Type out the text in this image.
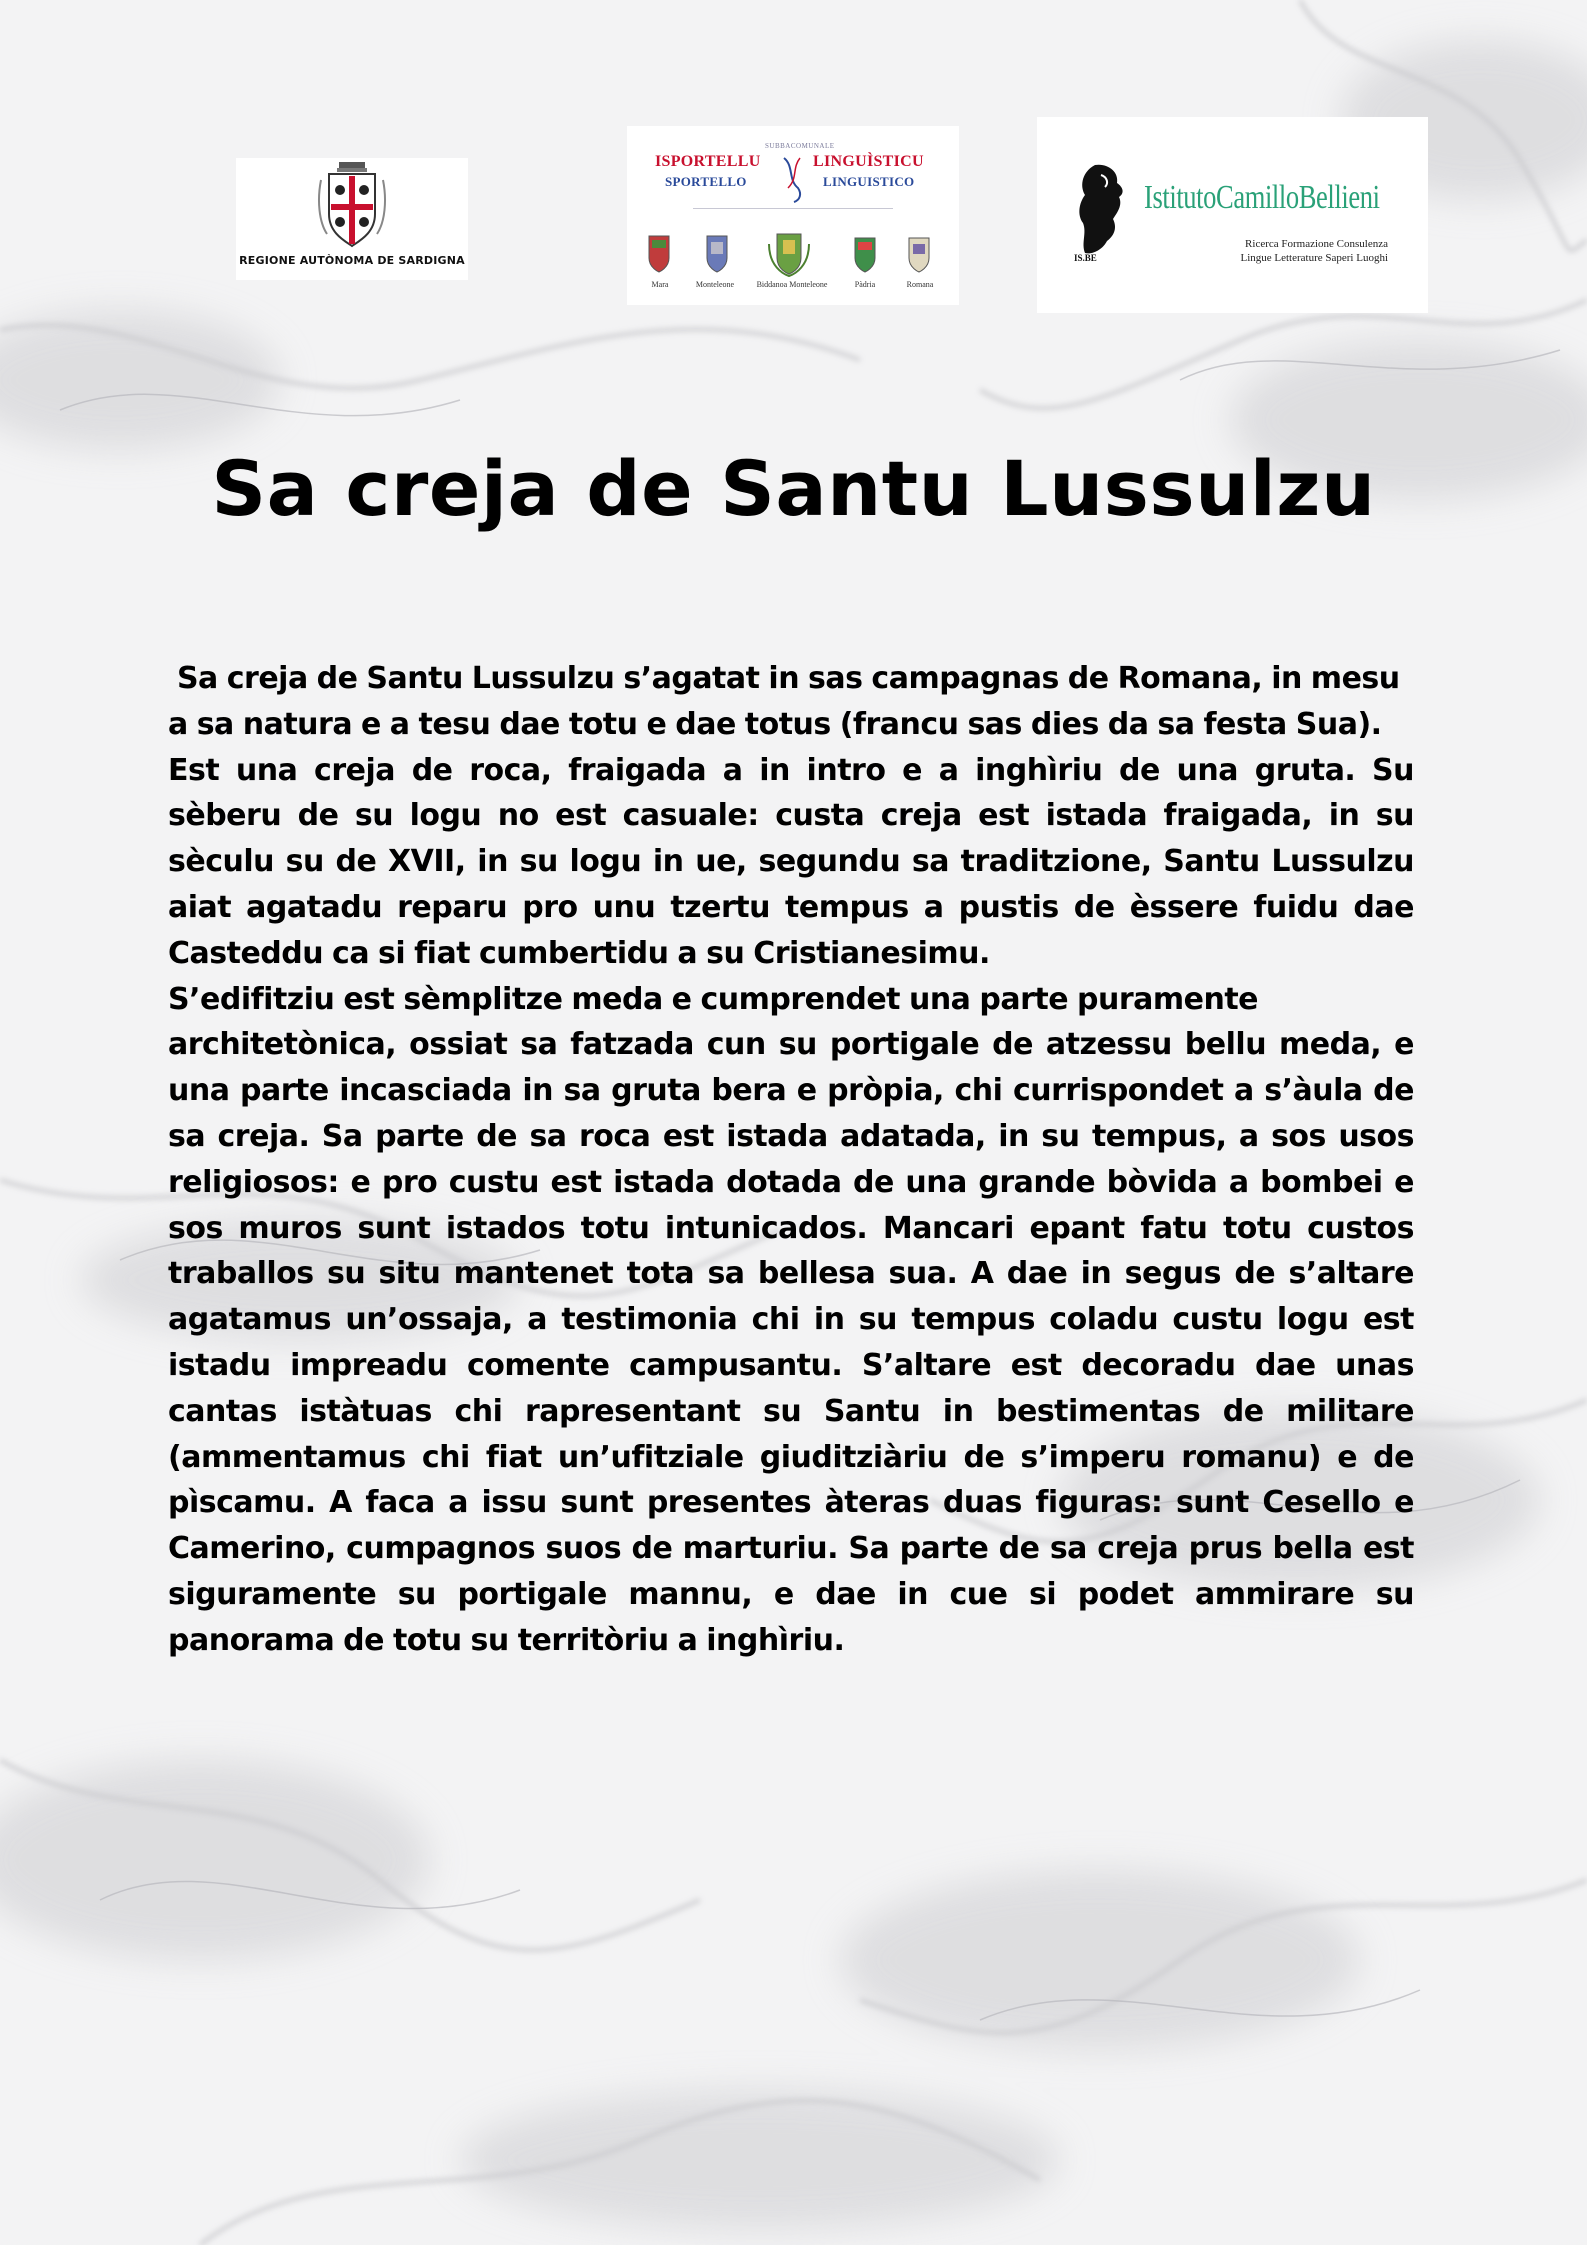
REGIONE AUTÒNOMA DE SARDIGNA
SUBBACOMUNALE
ISPORTELLU	LINGUÌSTICU
SPORTELLO	LINGUISTICO
Mara	Monteleone	Biddanoa Monteleone	Pàdria	Romana
IS.BE
IstitutoCamilloBellieni
Ricerca Formazione Consulenza
Lingue Letterature Saperi Luoghi
Sa creja de Santu Lussulzu

Sa creja de Santu Lussulzu s’agatat in sas campagnas de Romana, in mesu

a sa natura e a tesu dae totu e dae totus (francu sas dies da sa festa Sua).

Est una creja de roca, fraigada a in intro e a inghìriu de una gruta. Su sèberu de su logu no est casuale: custa creja est istada fraigada, in su sèculu su de XVII, in su logu in ue, segundu sa traditzione, Santu Lussulzu aiat agatadu reparu pro unu tzertu tempus a pustis de èssere fuidu dae Casteddu ca si fiat cumbertidu a su Cristianesimu.

S’edifitziu est sèmplitze meda e cumprendet una parte puramente

architetònica, ossiat sa fatzada cun su portigale de atzessu bellu meda, e una parte incasciada in sa gruta bera e pròpia, chi currispondet a s’àula de sa creja. Sa parte de sa roca est istada adatada, in su tempus, a sos usos religiosos: e pro custu est istada dotada de una grande bòvida a bombei e sos muros sunt istados totu intunicados. Mancari epant fatu totu custos traballos su situ mantenet tota sa bellesa sua. A dae in segus de s’altare agatamus un’ossaja, a testimonia chi in su tempus coladu custu logu est istadu impreadu comente campusantu. S’altare est decoradu dae unas cantas istàtuas chi rapresentant su Santu in bestimentas de militare (ammentamus chi fiat un’ufitziale giuditziàriu de s’imperu romanu) e de pìscamu. A faca a issu sunt presentes àteras duas figuras: sunt Cesello e Camerino, cumpagnos suos de marturiu. Sa parte de sa creja prus bella est siguramente su portigale mannu, e dae in cue si podet ammirare su panorama de totu su territòriu a inghìriu.
